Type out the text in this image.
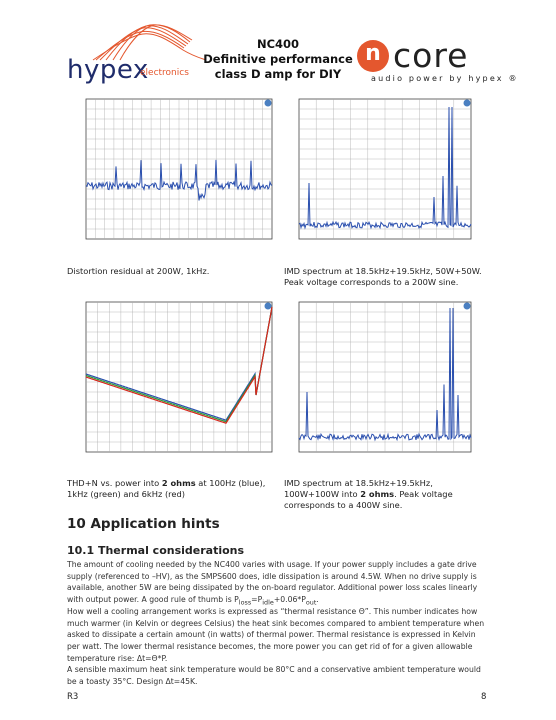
hypex
electronics
NC400
Definitive performance
class D amp for DIY
n core
audio power by hypex ®
Distortion residual at 200W, 1kHz.	IMD spectrum at 18.5kHz+19.5kHz, 50W+50W. Peak voltage corresponds to a 200W sine.
THD+N vs. power into 2 ohms at 100Hz (blue), 1kHz (green) and 6kHz (red)
IMD spectrum at 18.5kHz+19.5kHz, 100W+100W into 2 ohms. Peak voltage corresponds to a 400W sine.
10 Application hints
10.1 Thermal considerations
The amount of cooling needed by the NC400 varies with usage. If your power supply includes a gate drive supply (referenced to –HV), as the SMPS600 does, idle dissipation is around 4.5W. When no drive supply is available, another 5W are being dissipated by the on-board regulator. Additional power loss scales linearly with output power. A good rule of thumb is $P_{loss}=P_{idle}+0.06*P_{out}$.
How well a cooling arrangement works is expressed as “thermal resistance Θ”. This number indicates how much warmer (in Kelvin or degrees Celsius) the heat sink becomes compared to ambient temperature when asked to dissipate a certain amount (in watts) of thermal power. Thermal resistance is expressed in Kelvin per watt. The lower thermal resistance becomes, the more power you can get rid of for a given allowable temperature rise: Δt=Θ*P.
A sensible maximum heat sink temperature would be 80°C and a conservative ambient temperature would be a toasty 35°C. Design Δt=45K.
R3	8
